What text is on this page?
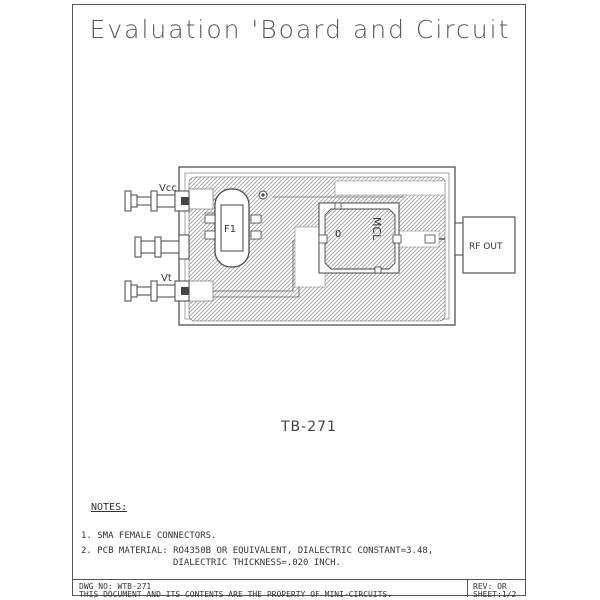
Evaluation 'Board and Circuit
F1	0	MCL
Vcc
Vt
RF OUT
TB-271
NOTES:
1. SMA FEMALE CONNECTORS.
2. PCB MATERIAL: RO4350B OR EQUIVALENT, DIALECTRIC CONSTANT=3.48,
DIALECTRIC THICKNESS=.020 INCH.
DWG NO: WTB-271
THIS DOCUMENT AND ITS CONTENTS ARE THE PROPERTY OF MINI-CIRCUITS.
REV: OR
SHEET:1/2
